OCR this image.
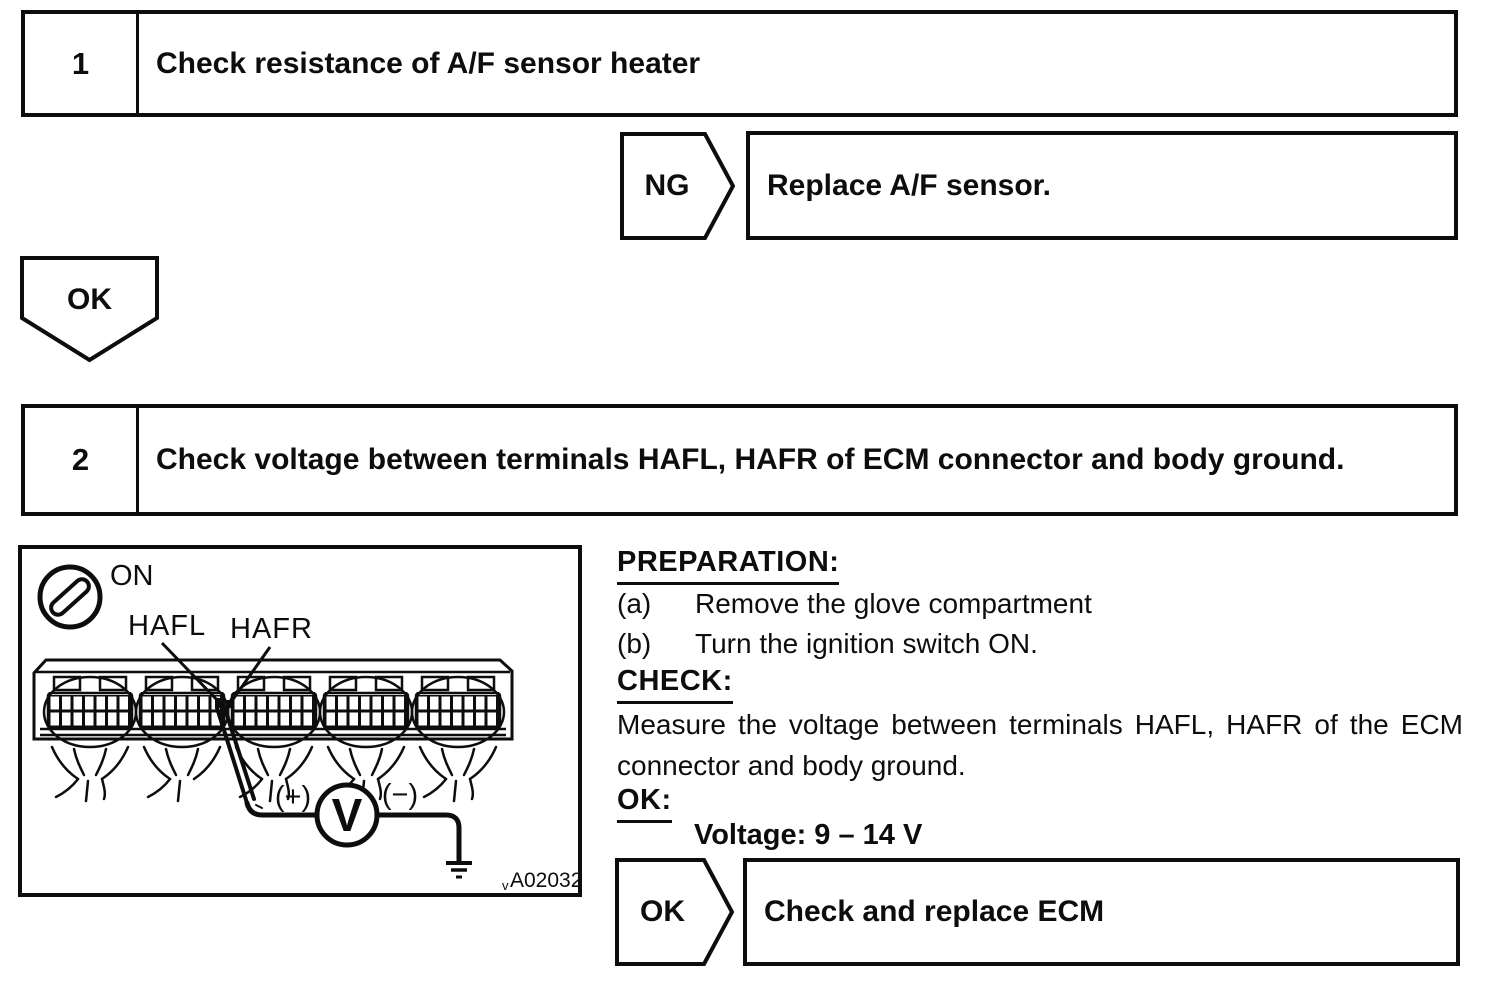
1	Check resistance of A/F sensor heater
NG	Replace A/F sensor.
OK
2	Check voltage between terminals HAFL, HAFR of ECM connector and body ground.
ON
HAFL HAFR
(+) (−)
V
v A02032
PREPARATION:
(a)	Remove the glove compartment
(b)	Turn the ignition switch ON.
CHECK:
Measure the voltage between terminals HAFL, HAFR of the ECM connector and body ground.
OK:
Voltage: 9 – 14 V
OK	Check and replace ECM
